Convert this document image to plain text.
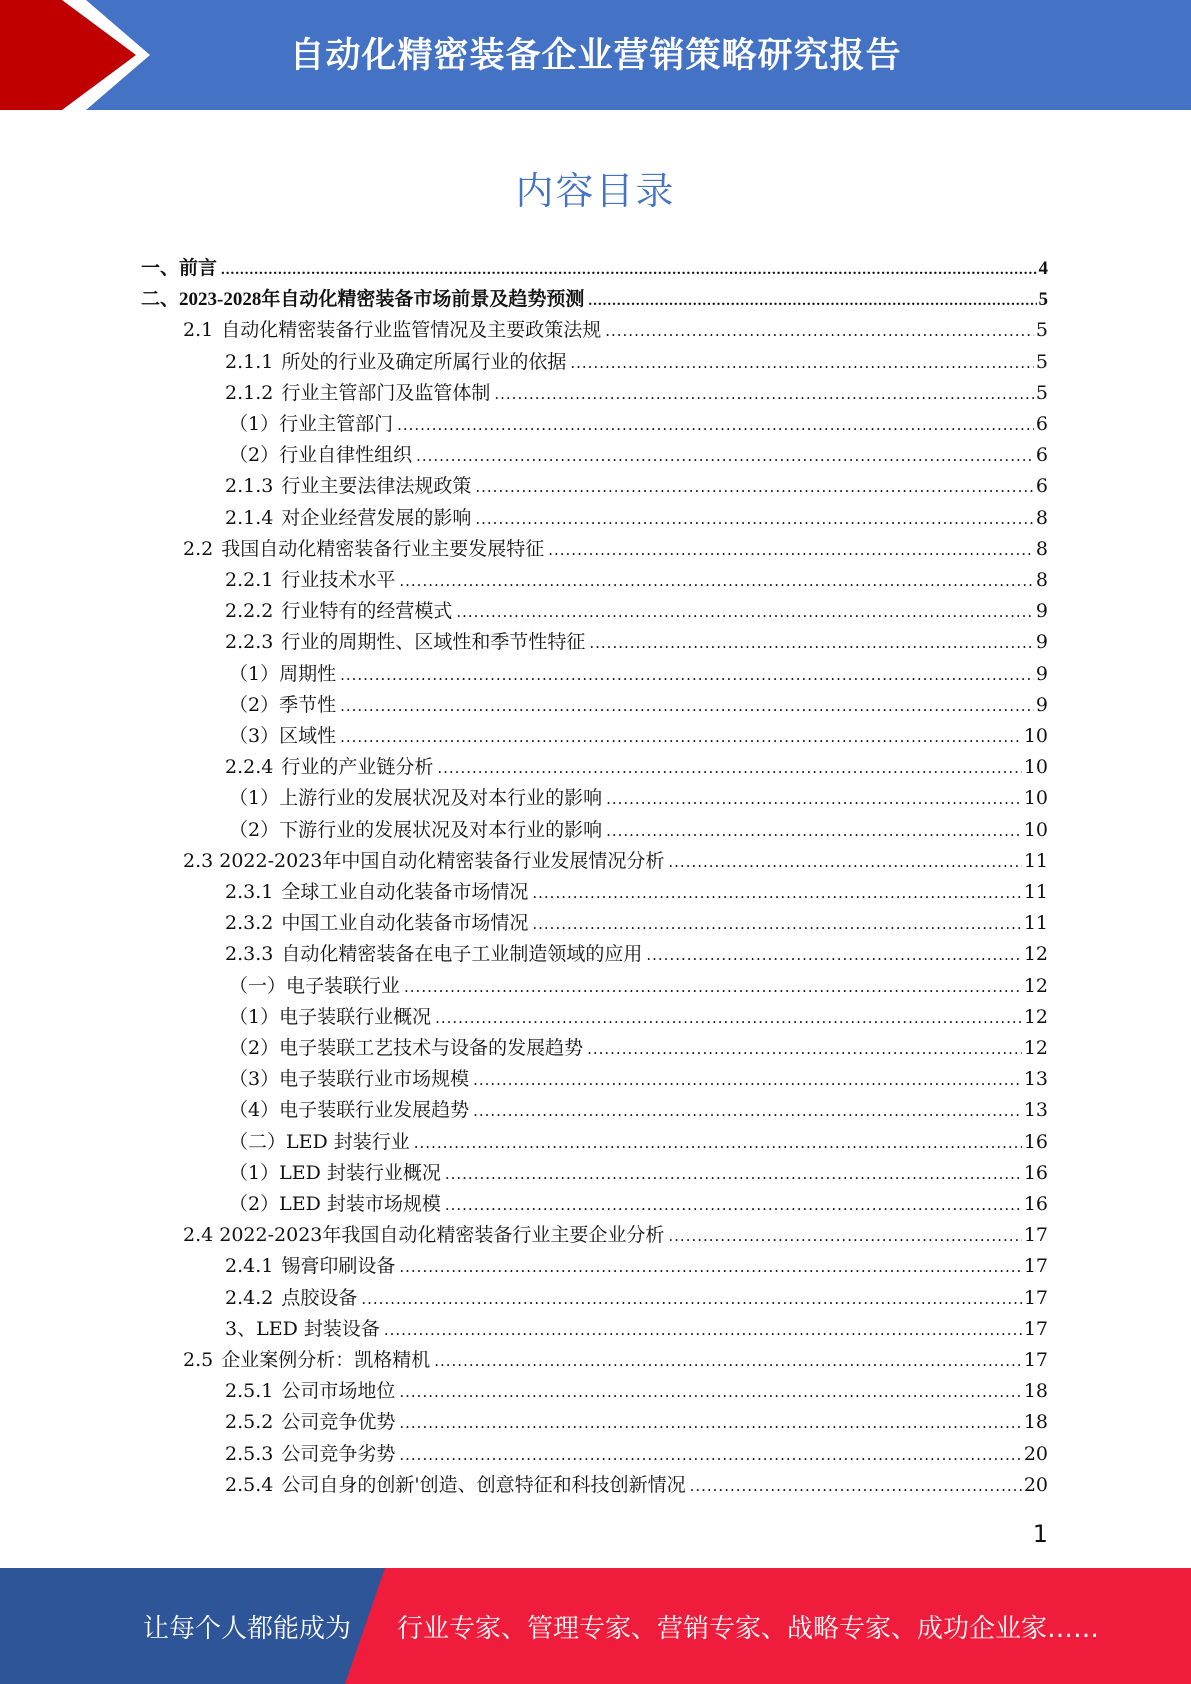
自动化精密装备企业营销策略研究报告
内容目录
一、前言 .....	4
二、2023-2028年自动化精密装备市场前景及趋势预测 .....	5
2.1 自动化精密装备行业监管情况及主要政策法规 .....	5
2.1.1 所处的行业及确定所属行业的依据 .....	5
2.1.2 行业主管部门及监管体制 .....	5
（1）行业主管部门 .....	6
（2）行业自律性组织 .....	6
2.1.3 行业主要法律法规政策 .....	6
2.1.4 对企业经营发展的影响 .....	8
2.2 我国自动化精密装备行业主要发展特征 .....	8
2.2.1 行业技术水平 .....	8
2.2.2 行业特有的经营模式 .....	9
2.2.3 行业的周期性、区域性和季节性特征 .....	9
（1）周期性 .....	9
（2）季节性 .....	9
（3）区域性 .....	10
2.2.4 行业的产业链分析 .....	10
（1）上游行业的发展状况及对本行业的影响 .....	10
（2）下游行业的发展状况及对本行业的影响 .....	10
2.3 2022-2023年中国自动化精密装备行业发展情况分析 .....	11
2.3.1 全球工业自动化装备市场情况 .....	11
2.3.2 中国工业自动化装备市场情况 .....	11
2.3.3 自动化精密装备在电子工业制造领域的应用 .....	12
（一）电子装联行业 .....	12
（1）电子装联行业概况 .....	12
（2）电子装联工艺技术与设备的发展趋势 .....	12
（3）电子装联行业市场规模 .....	13
（4）电子装联行业发展趋势 .....	13
（二）LED 封装行业 .....	16
（1）LED 封装行业概况 .....	16
（2）LED 封装市场规模 .....	16
2.4 2022-2023年我国自动化精密装备行业主要企业分析 .....	17
2.4.1 锡膏印刷设备 .....	17
2.4.2 点胶设备 .....	17
3、LED 封装设备 .....	17
2.5 企业案例分析：凯格精机 .....	17
2.5.1 公司市场地位 .....	18
2.5.2 公司竞争优势 .....	18
2.5.3 公司竞争劣势 .....	20
2.5.4 公司自身的创新'创造、创意特征和科技创新情况 .....	20
1
让每个人都能成为 行业专家、管理专家、营销专家、战略专家、成功企业家……
